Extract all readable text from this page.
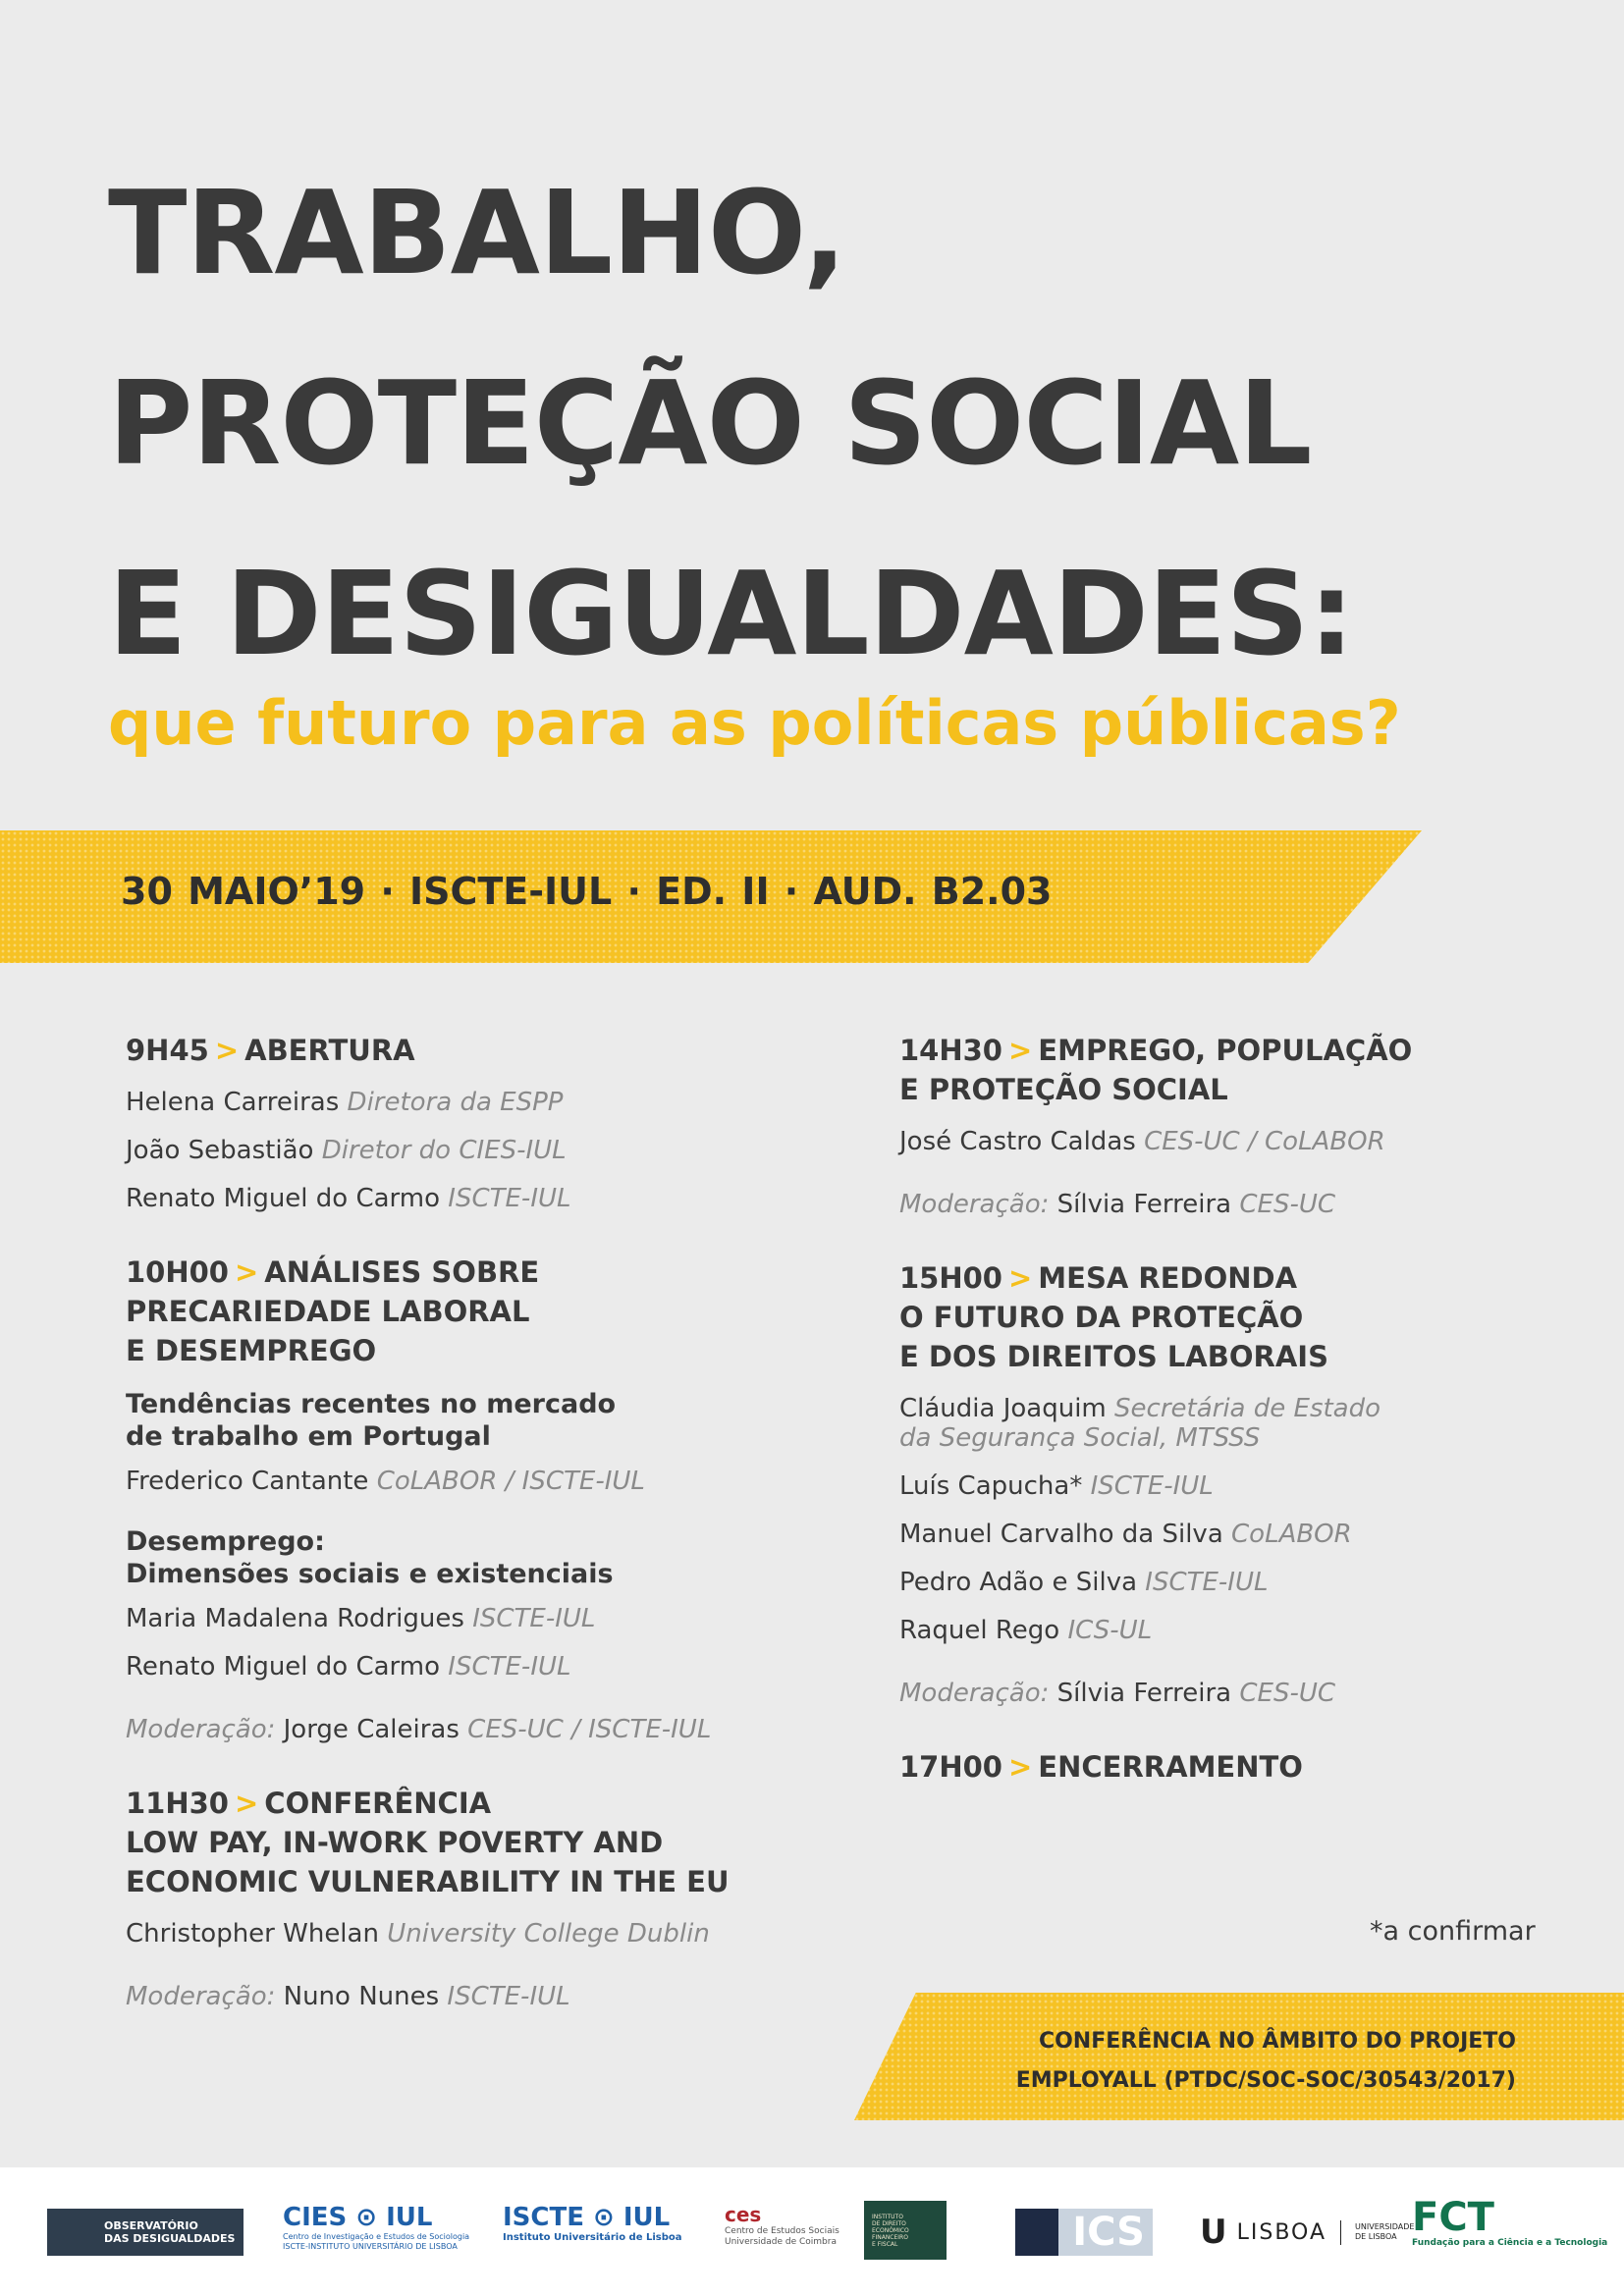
TRABALHO,
PROTEÇÃO SOCIAL
E DESIGUALDADES:
que futuro para as políticas públicas?
30 MAIO’19 · ISCTE-IUL · ED. II · AUD. B2.03
9H45 > ABERTURA
Helena Carreiras Diretora da ESPP
João Sebastião Diretor do CIES-IUL
Renato Miguel do Carmo ISCTE-IUL
10H00 > ANÁLISES SOBRE
PRECARIEDADE LABORAL
E DESEMPREGO
Tendências recentes no mercado
de trabalho em Portugal
Frederico Cantante CoLABOR / ISCTE-IUL
Desemprego:
Dimensões sociais e existenciais
Maria Madalena Rodrigues ISCTE-IUL
Renato Miguel do Carmo ISCTE-IUL
Moderação: Jorge Caleiras CES-UC / ISCTE-IUL
11H30 > CONFERÊNCIA
LOW PAY, IN-WORK POVERTY AND
ECONOMIC VULNERABILITY IN THE EU
Christopher Whelan University College Dublin
Moderação: Nuno Nunes ISCTE-IUL
14H30 > EMPREGO, POPULAÇÃO
E PROTEÇÃO SOCIAL
José Castro Caldas CES-UC / CoLABOR
Moderação: Sílvia Ferreira CES-UC
15H00 > MESA REDONDA
O FUTURO DA PROTEÇÃO
E DOS DIREITOS LABORAIS
Cláudia Joaquim Secretária de Estado
da Segurança Social, MTSSS
Luís Capucha* ISCTE-IUL
Manuel Carvalho da Silva CoLABOR
Pedro Adão e Silva ISCTE-IUL
Raquel Rego ICS-UL
Moderação: Sílvia Ferreira CES-UC
17H00 > ENCERRAMENTO
*a confirmar
CONFERÊNCIA NO ÂMBITO DO PROJETO
EMPLOYALL (PTDC/SOC-SOC/30543/2017)
OBSERVATÓRIO
DAS DESIGUALDADES
CIES ⊙ IUL
Centro de Investigação e Estudos de Sociologia
ISCTE-INSTITUTO UNIVERSITÁRIO DE LISBOA
ISCTE ⊙ IUL
Instituto Universitário de Lisboa
ces
Centro de Estudos Sociais
Universidade de Coimbra
INSTITUTO
DE DIREITO
ECONÓMICO
FINANCEIRO
E FISCAL	ICS U LISBOA	UNIVERSIDADE
DE LISBOA FCT
Fundação para a Ciência e a Tecnologia
